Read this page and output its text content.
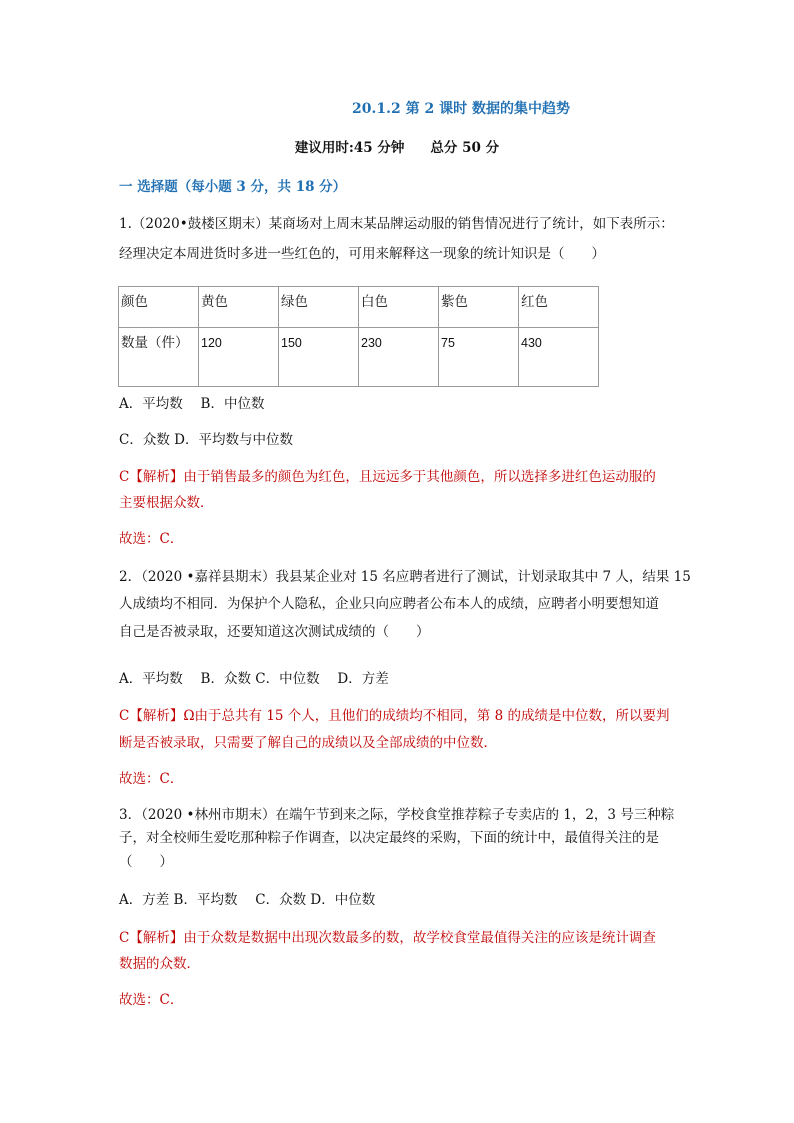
20.1.2 第 2 课时 数据的集中趋势
建议用时:45 分钟 总分 50 分
一 选择题（每小题 3 分，共 18 分）
1.（2020•鼓楼区期末）某商场对上周末某品牌运动服的销售情况进行了统计，如下表所示：
经理决定本周进货时多进一些红色的，可用来解释这一现象的统计知识是（　　）
颜色	黄色	绿色	白色	紫色	红色
数量（件）	120	150	230	75	430
A．平均数　 B．中位数
C．众数 D．平均数与中位数
C【解析】由于销售最多的颜色为红色，且远远多于其他颜色，所以选择多进红色运动服的
主要根据众数．
故选：C．
2．（2020 •嘉祥县期末）我县某企业对 15 名应聘者进行了测试，计划录取其中 7 人，结果 15
人成绩均不相同．为保护个人隐私，企业只向应聘者公布本人的成绩，应聘者小明要想知道
自己是否被录取，还要知道这次测试成绩的（　　）
A．平均数　 B．众数 C．中位数　 D．方差
C【解析】Ω由于总共有 15 个人，且他们的成绩均不相同，第 8 的成绩是中位数，所以要判
断是否被录取，只需要了解自己的成绩以及全部成绩的中位数．
故选：C．
3．（2020 •林州市期末）在端午节到来之际，学校食堂推荐粽子专卖店的 1，2，3 号三种粽
子，对全校师生爱吃那种粽子作调查，以决定最终的采购，下面的统计中，最值得关注的是
（　　）
A．方差 B．平均数　 C．众数 D．中位数
C【解析】由于众数是数据中出现次数最多的数，故学校食堂最值得关注的应该是统计调查
数据的众数．
故选：C．
